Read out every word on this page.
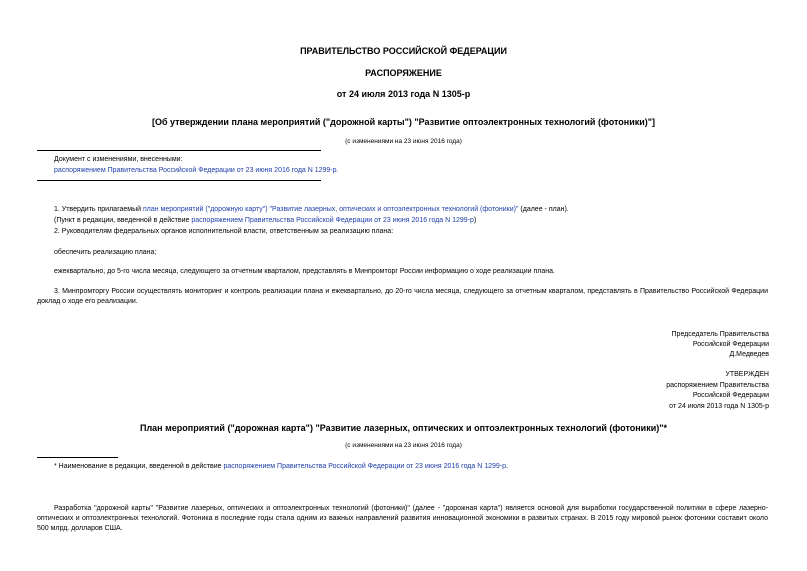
ПРАВИТЕЛЬСТВО РОССИЙСКОЙ ФЕДЕРАЦИИ
РАСПОРЯЖЕНИЕ
от 24 июля 2013 года N 1305-р
[Об утверждении плана мероприятий ("дорожной карты") "Развитие оптоэлектронных технологий (фотоники)"]
(с изменениями на 23 июня 2016 года)
Документ с изменениями, внесенными:
распоряжением Правительства Российской Федерации от 23 июня 2016 года N 1299-р.
1. Утвердить прилагаемый план мероприятий ("дорожную карту") "Развитие лазерных, оптических и оптоэлектронных технологий (фотоники)" (далее - план).
(Пункт в редакции, введенной в действие распоряжением Правительства Российской Федерации от 23 июня 2016 года N 1299-р)
2. Руководителям федеральных органов исполнительной власти, ответственным за реализацию плана:
обеспечить реализацию плана;
ежеквартально, до 5-го числа месяца, следующего за отчетным кварталом, представлять в Минпромторг России информацию о ходе реализации плана.
3. Минпромторгу России осуществлять мониторинг и контроль реализации плана и ежеквартально, до 20-го числа месяца, следующего за отчетным кварталом, представлять в Правительство Российской Федерации доклад о ходе его реализации.
Председатель Правительства
Российской Федерации
Д.Медведев
УТВЕРЖДЕН
распоряжением Правительства
Российской Федерации
от 24 июля 2013 года N 1305-р
План мероприятий ("дорожная карта") "Развитие лазерных, оптических и оптоэлектронных технологий (фотоники)"*
(с изменениями на 23 июня 2016 года)
* Наименование в редакции, введенной в действие распоряжением Правительства Российской Федерации от 23 июня 2016 года N 1299-р.
Разработка "дорожной карты" "Развитие лазерных, оптических и оптоэлектронных технологий (фотоники)" (далее - "дорожная карта") является основой для выработки государственной политики в сфере лазерно-оптических и оптоэлектронных технологий. Фотоника в последние годы стала одним из важных направлений развития инновационной экономики в развитых странах. В 2015 году мировой рынок фотоники составит около 500 млрд. долларов США.
